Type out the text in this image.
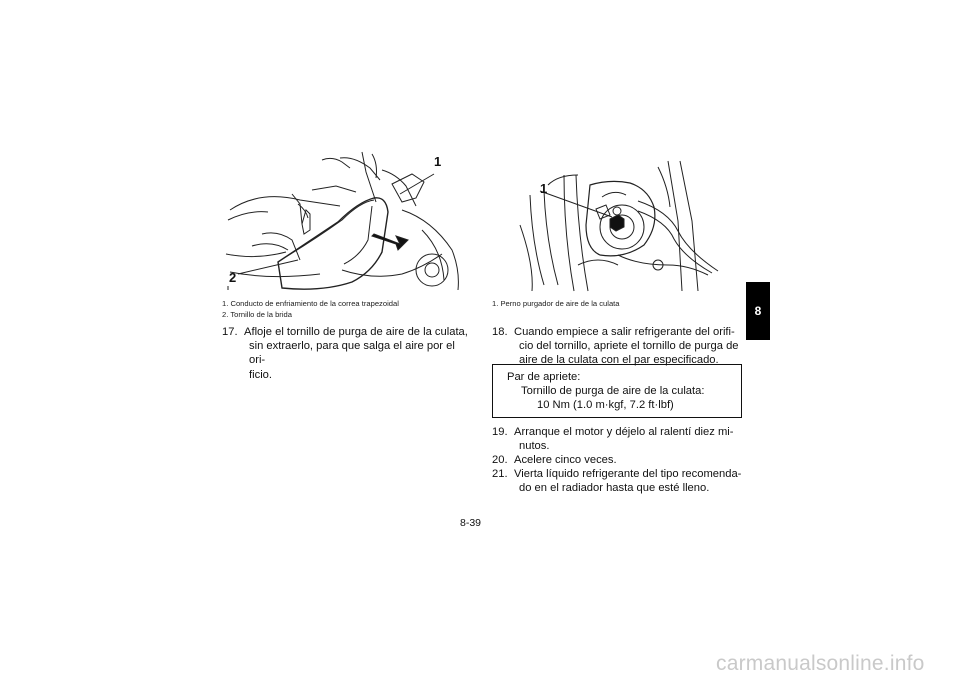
1
2
1
1. Conducto de enfriamiento de la correa trapezoidal
2. Tornillo de la brida
1. Perno purgador de aire de la culata
17. Afloje el tornillo de purga de aire de la culata,
sin extraerlo, para que salga el aire por el ori-
ficio.
18. Cuando empiece a salir refrigerante del orifi-
cio del tornillo, apriete el tornillo de purga de
aire de la culata con el par especificado.
Par de apriete:
Tornillo de purga de aire de la culata:
10 Nm (1.0 m·kgf, 7.2 ft·lbf)
19. Arranque el motor y déjelo al ralentí diez mi-
nutos.
20. Acelere cinco veces.
21. Vierta líquido refrigerante del tipo recomenda-
do en el radiador hasta que esté lleno.
8
8-39
carmanualsonline.info
